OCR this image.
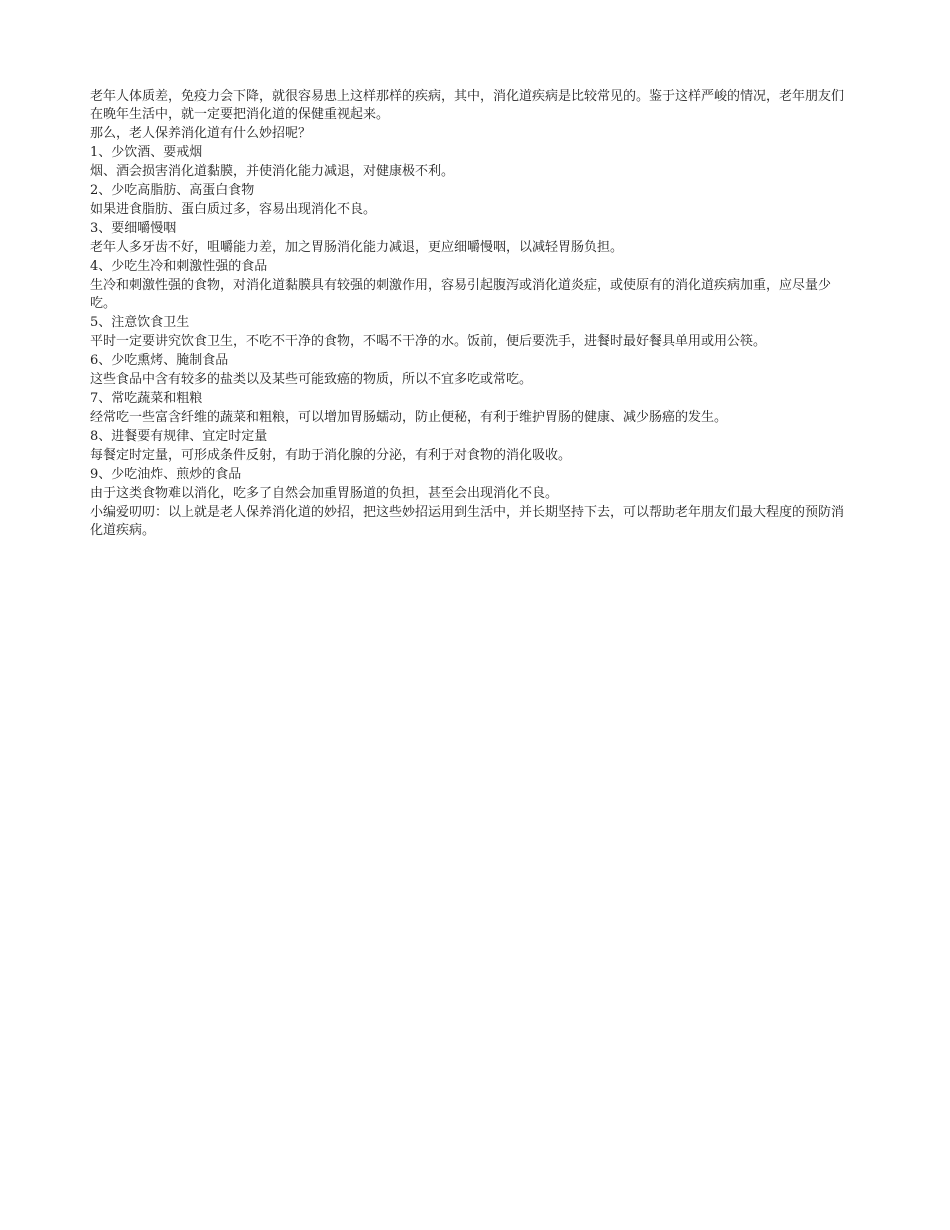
老年人体质差，免疫力会下降，就很容易患上这样那样的疾病，其中，消化道疾病是比较常见的。鉴于这样严峻的情况，老年朋友们在晚年生活中，就一定要把消化道的保健重视起来。

那么，老人保养消化道有什么妙招呢？

1、少饮酒、要戒烟

烟、酒会损害消化道黏膜，并使消化能力减退，对健康极不利。

2、少吃高脂肪、高蛋白食物

如果进食脂肪、蛋白质过多，容易出现消化不良。

3、要细嚼慢咽

老年人多牙齿不好，咀嚼能力差，加之胃肠消化能力减退，更应细嚼慢咽，以减轻胃肠负担。

4、少吃生冷和刺激性强的食品

生冷和刺激性强的食物，对消化道黏膜具有较强的刺激作用，容易引起腹泻或消化道炎症，或使原有的消化道疾病加重，应尽量少吃。

5、注意饮食卫生

平时一定要讲究饮食卫生，不吃不干净的食物，不喝不干净的水。饭前，便后要洗手，进餐时最好餐具单用或用公筷。

6、少吃熏烤、腌制食品

这些食品中含有较多的盐类以及某些可能致癌的物质，所以不宜多吃或常吃。

7、常吃蔬菜和粗粮

经常吃一些富含纤维的蔬菜和粗粮，可以增加胃肠蠕动，防止便秘，有利于维护胃肠的健康、减少肠癌的发生。

8、进餐要有规律、宜定时定量

每餐定时定量，可形成条件反射，有助于消化腺的分泌，有利于对食物的消化吸收。

9、少吃油炸、煎炒的食品

由于这类食物难以消化，吃多了自然会加重胃肠道的负担，甚至会出现消化不良。

小编爱叨叨：以上就是老人保养消化道的妙招，把这些妙招运用到生活中，并长期坚持下去，可以帮助老年朋友们最大程度的预防消化道疾病。
